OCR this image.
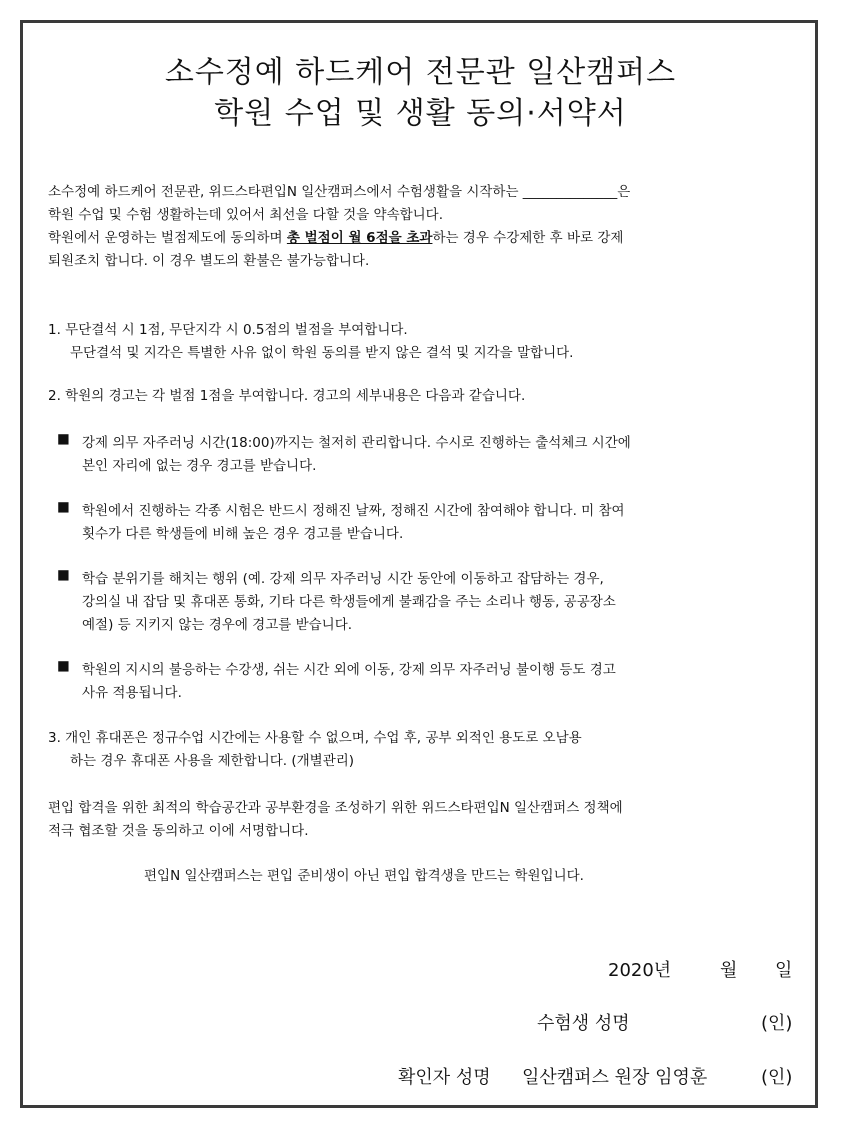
소수정예 하드케어 전문관 일산캠퍼스
학원 수업 및 생활 동의·서약서
소수정예 하드케어 전문관, 위드스타편입N 일산캠퍼스에서 수험생활을 시작하는 ______________은
학원 수업 및 수험 생활하는데 있어서 최선을 다할 것을 약속합니다.
학원에서 운영하는 벌점제도에 동의하며 총 벌점이 월 6점을 초과하는 경우 수강제한 후 바로 강제
퇴원조치 합니다. 이 경우 별도의 환불은 불가능합니다.
1. 무단결석 시 1점, 무단지각 시 0.5점의 벌점을 부여합니다.
무단결석 및 지각은 특별한 사유 없이 학원 동의를 받지 않은 결석 및 지각을 말합니다.
2. 학원의 경고는 각 벌점 1점을 부여합니다. 경고의 세부내용은 다음과 같습니다.
■ 강제 의무 자주러닝 시간(18:00)까지는 철저히 관리합니다. 수시로 진행하는 출석체크 시간에
본인 자리에 없는 경우 경고를 받습니다.
■ 학원에서 진행하는 각종 시험은 반드시 정해진 날짜, 정해진 시간에 참여해야 합니다. 미 참여
횟수가 다른 학생들에 비해 높은 경우 경고를 받습니다.
■ 학습 분위기를 해치는 행위 (예. 강제 의무 자주러닝 시간 동안에 이동하고 잡담하는 경우,
강의실 내 잡담 및 휴대폰 통화, 기타 다른 학생들에게 불쾌감을 주는 소리나 행동, 공공장소
예절) 등 지키지 않는 경우에 경고를 받습니다.
■ 학원의 지시의 불응하는 수강생, 쉬는 시간 외에 이동, 강제 의무 자주러닝 불이행 등도 경고
사유 적용됩니다.
3. 개인 휴대폰은 정규수업 시간에는 사용할 수 없으며, 수업 후, 공부 외적인 용도로 오남용
하는 경우 휴대폰 사용을 제한합니다. (개별관리)
편입 합격을 위한 최적의 학습공간과 공부환경을 조성하기 위한 위드스타편입N 일산캠퍼스 정책에
적극 협조할 것을 동의하고 이에 서명합니다.
편입N 일산캠퍼스는 편입 준비생이 아닌 편입 합격생을 만드는 학원입니다.
2020년	월 일
수험생 성명	(인)
확인자 성명 일산캠퍼스 원장 임영훈	(인)
